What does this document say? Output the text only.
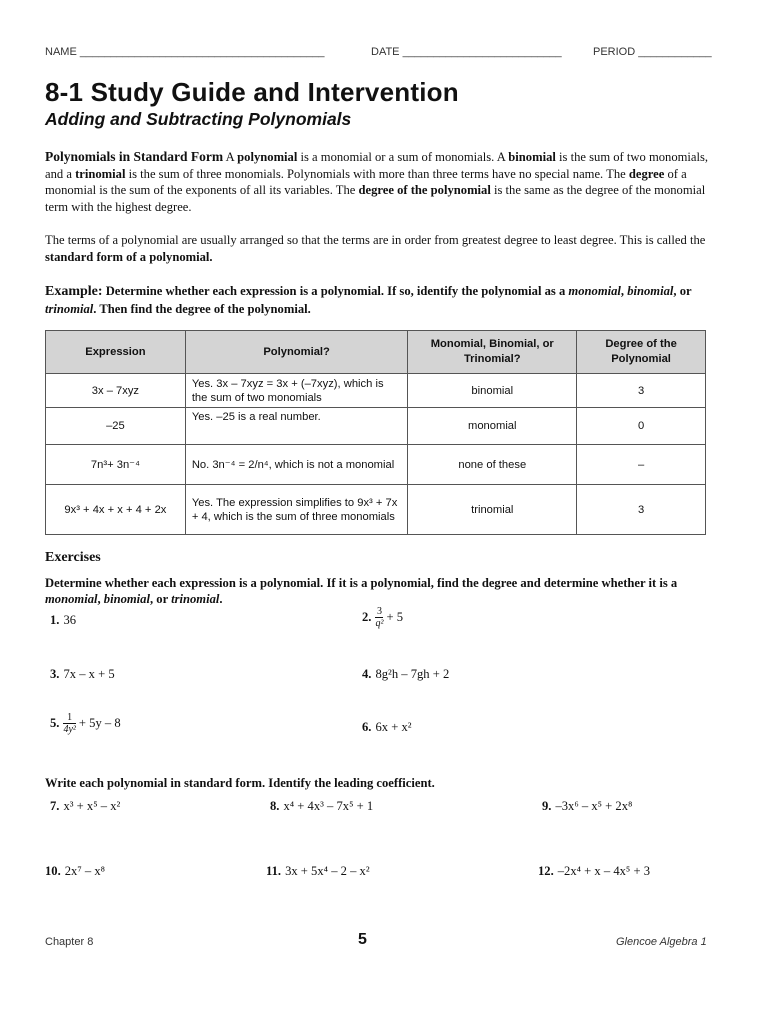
NAME ________________________________________	DATE __________________________	PERIOD ____________
8-1 Study Guide and Intervention
Adding and Subtracting Polynomials
Polynomials in Standard Form A polynomial is a monomial or a sum of monomials. A binomial is the sum of two monomials, and a trinomial is the sum of three monomials. Polynomials with more than three terms have no special name. The degree of a monomial is the sum of the exponents of all its variables. The degree of the polynomial is the same as the degree of the monomial term with the highest degree.
The terms of a polynomial are usually arranged so that the terms are in order from greatest degree to least degree. This is called the standard form of a polynomial.
Example: Determine whether each expression is a polynomial. If so, identify the polynomial as a monomial, binomial, or trinomial. Then find the degree of the polynomial.
Expression	Polynomial?	Monomial, Binomial, or Trinomial?	Degree of the Polynomial
3x – 7xyz	Yes. 3x – 7xyz = 3x + (–7xyz), which is the sum of two monomials	binomial	3
–25	Yes. –25 is a real number.	monomial	0
7n³+ 3n⁻⁴	No. 3n⁻⁴ = 2/n⁴, which is not a monomial	none of these	–
9x³ + 4x + x + 4 + 2x	Yes. The expression simplifies to 9x³ + 7x + 4, which is the sum of three monomials	trinomial	3
Exercises
Determine whether each expression is a polynomial. If it is a polynomial, find the degree and determine whether it is a monomial, binomial, or trinomial.
1. 36	2. $\frac{3}{\text{q²}} + 5$
3. 7x – x + 5	4. 8g²h – 7gh + 2
5. $\frac{1}{\text{4y²}} + 5y - 8$	6. 6x + x²
Write each polynomial in standard form. Identify the leading coefficient.
7. x³ + x⁵ – x²	8. x⁴ + 4x³ – 7x⁵ + 1	9. –3x⁶ – x⁵ + 2x⁸
10. 2x⁷ – x⁸	11. 3x + 5x⁴ – 2 – x²	12. –2x⁴ + x – 4x⁵ + 3
Chapter 8	5	Glencoe Algebra 1
